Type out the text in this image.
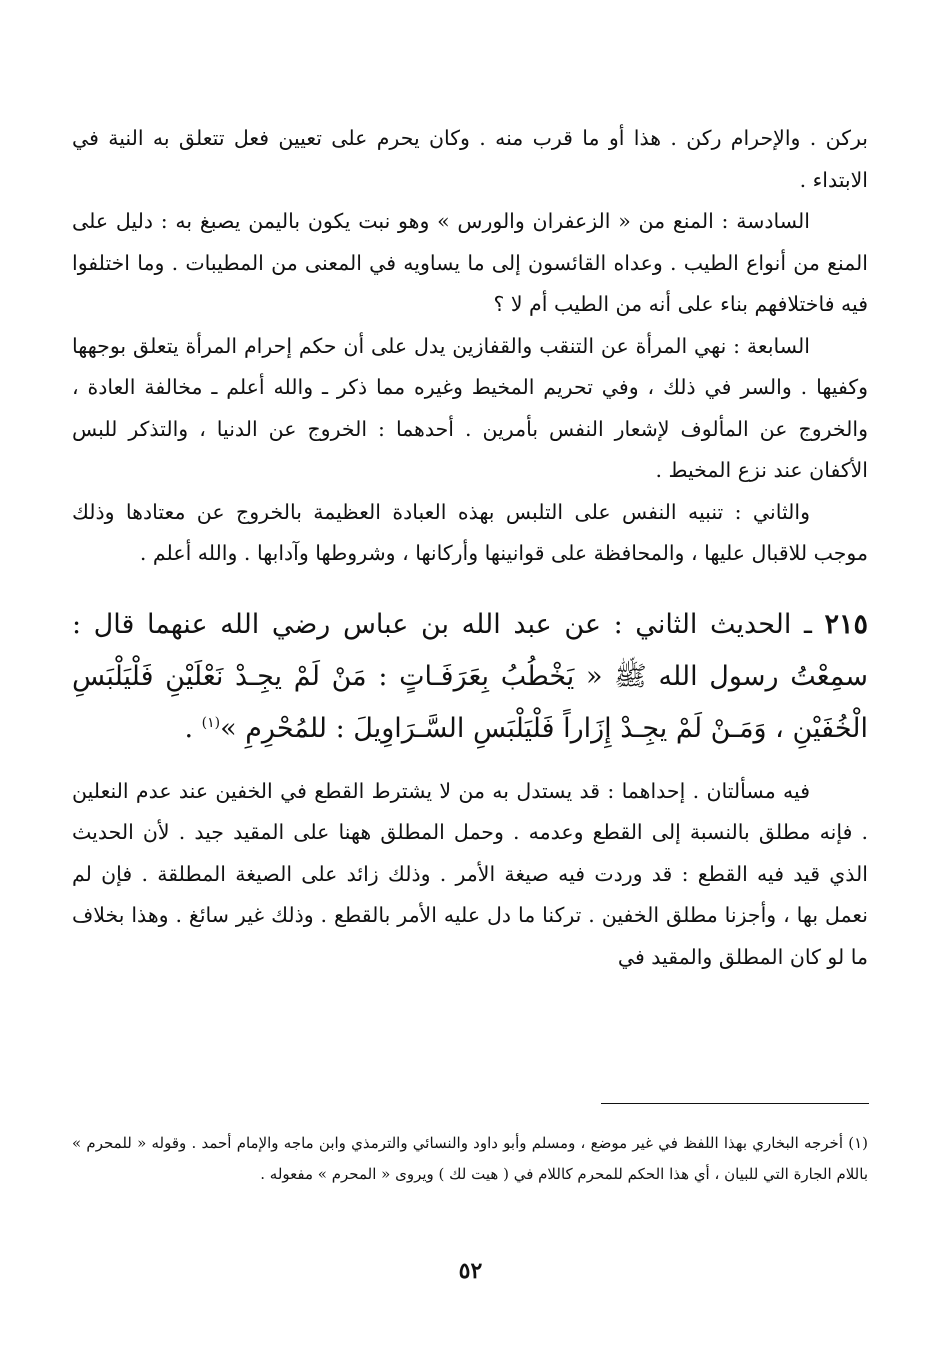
بركن . والإحرام ركن . هذا أو ما قرب منه . وكان يحرم على تعيين فعل تتعلق به النية في الابتداء .

السادسة : المنع من « الزعفران والورس » وهو نبت يكون باليمن يصبغ به : دليل على المنع من أنواع الطيب . وعداه القائسون إلى ما يساويه في المعنى من المطيبات . وما اختلفوا فيه فاختلافهم بناء على أنه من الطيب أم لا ؟

السابعة : نهي المرأة عن التنقب والقفازين يدل على أن حكم إحرام المرأة يتعلق بوجهها وكفيها . والسر في ذلك ، وفي تحريم المخيط وغيره مما ذكر ـ والله أعلم ـ مخالفة العادة ، والخروج عن المألوف لإشعار النفس بأمرين . أحدهما : الخروج عن الدنيا ، والتذكر للبس الأكفان عند نزع المخيط .

والثاني : تنبيه النفس على التلبس بهذه العبادة العظيمة بالخروج عن معتادها وذلك موجب للاقبال عليها ، والمحافظة على قوانينها وأركانها ، وشروطها وآدابها . والله أعلم .

٢١٥ ـ الحديث الثاني : عن عبد الله بن عباس رضي الله عنهما قال : سمِعْتُ رسول الله ﷺ « يَخْطُبُ بِعَرَفَـاتٍ : مَنْ لَمْ يجِـدْ نَعْلَيْنِ فَلْيَلْبَسِ الْخُفَيْنِ ، وَمَـنْ لَمْ يجِـدْ إِزَاراً فَلْيَلْبَسِ السَّـرَاوِيلَ : للمُحْرِمِ »$^{(١)}$ .

فيه مسألتان . إحداهما : قد يستدل به من لا يشترط القطع في الخفين عند عدم النعلين . فإنه مطلق بالنسبة إلى القطع وعدمه . وحمل المطلق ههنا على المقيد جيد . لأن الحديث الذي قيد فيه القطع : قد وردت فيه صيغة الأمر . وذلك زائد على الصيغة المطلقة . فإن لم نعمل بها ، وأجزنا مطلق الخفين . تركنا ما دل عليه الأمر بالقطع . وذلك غير سائغ . وهذا بخلاف ما لو كان المطلق والمقيد في

(١) أخرجه البخاري بهذا اللفظ في غير موضع ، ومسلم وأبو داود والنسائي والترمذي وابن ماجه والإمام أحمد . وقوله « للمحرم » باللام الجارة التي للبيان ، أي هذا الحكم للمحرم كاللام في ( هيت لك ) ويروى « المحرم » مفعوله .

٥٢
